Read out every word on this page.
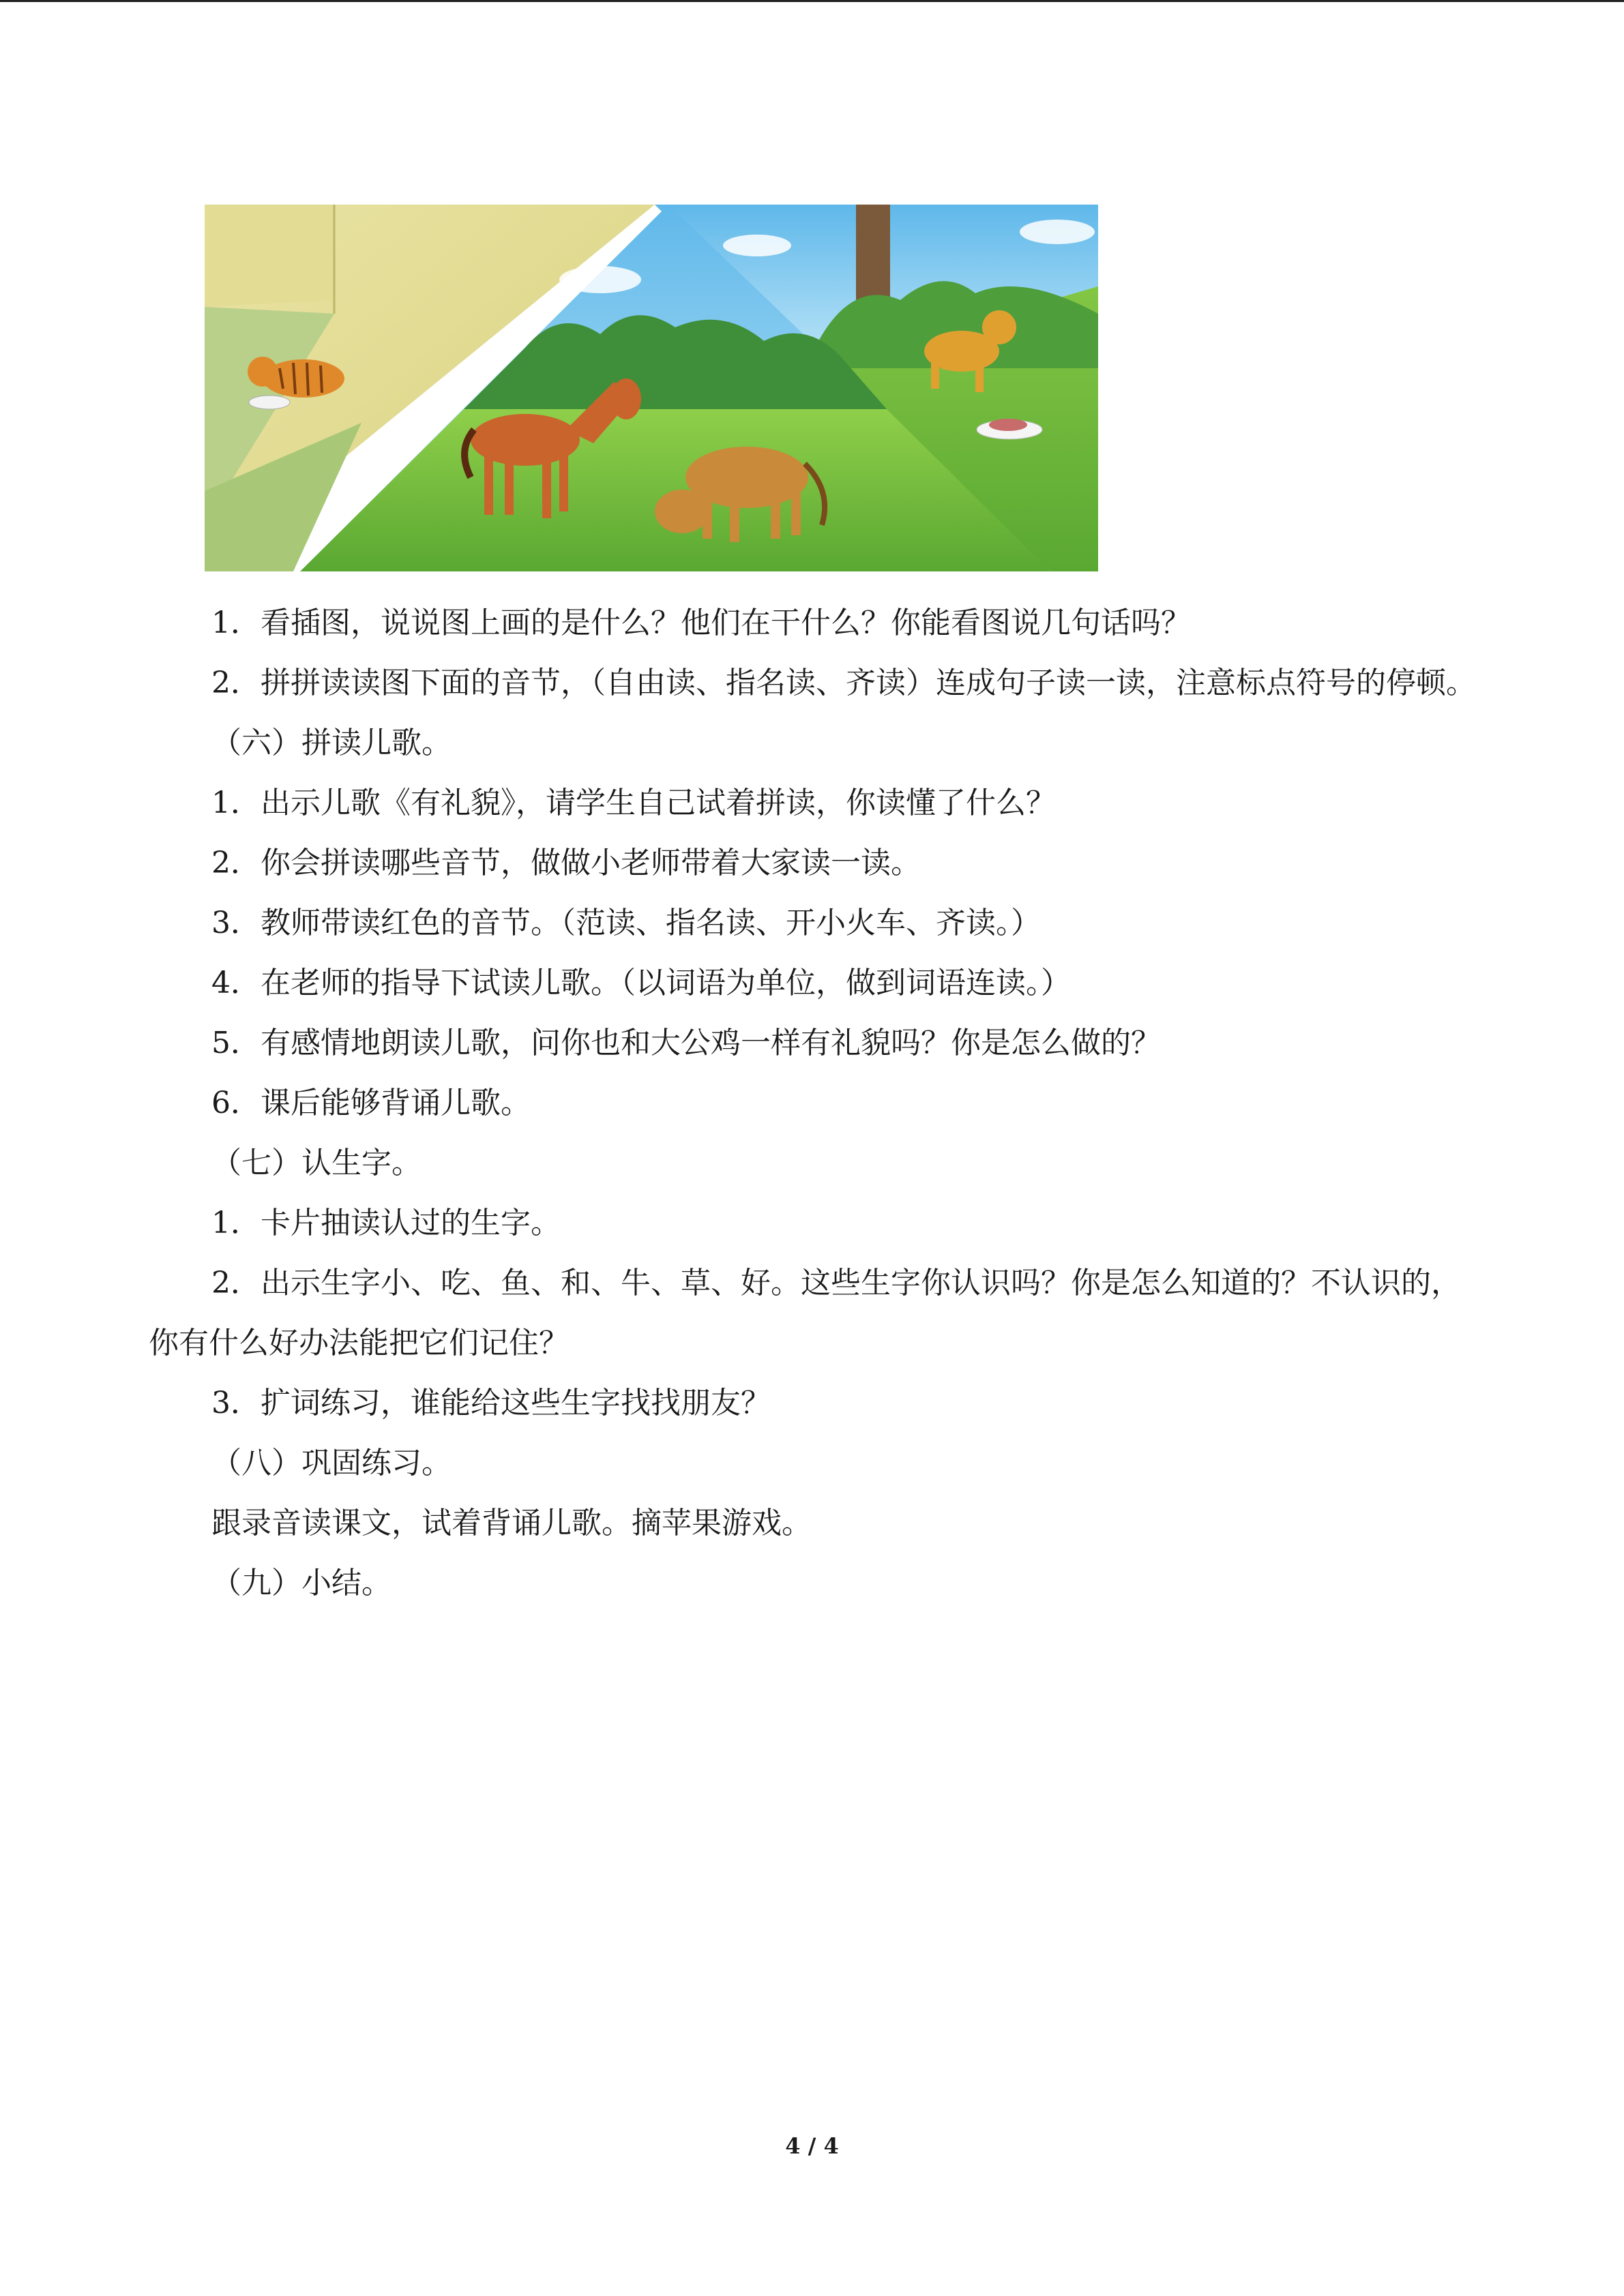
1．看插图，说说图上画的是什么？他们在干什么？你能看图说几句话吗？

2．拼拼读读图下面的音节，（自由读、指名读、齐读）连成句子读一读，注意标点符号的停顿。

（六）拼读儿歌。

1．出示儿歌《有礼貌》，请学生自己试着拼读，你读懂了什么？

2．你会拼读哪些音节，做做小老师带着大家读一读。

3．教师带读红色的音节。（范读、指名读、开小火车、齐读。）

4．在老师的指导下试读儿歌。（以词语为单位，做到词语连读。）

5．有感情地朗读儿歌，问你也和大公鸡一样有礼貌吗？你是怎么做的？

6．课后能够背诵儿歌。

（七）认生字。

1．卡片抽读认过的生字。

2．出示生字小、吃、鱼、和、牛、草、好。这些生字你认识吗？你是怎么知道的？不认识的，你有什么好办法能把它们记住？

3．扩词练习，谁能给这些生字找找朋友？

（八）巩固练习。

跟录音读课文，试着背诵儿歌。摘苹果游戏。

（九）小结。

4 / 4
